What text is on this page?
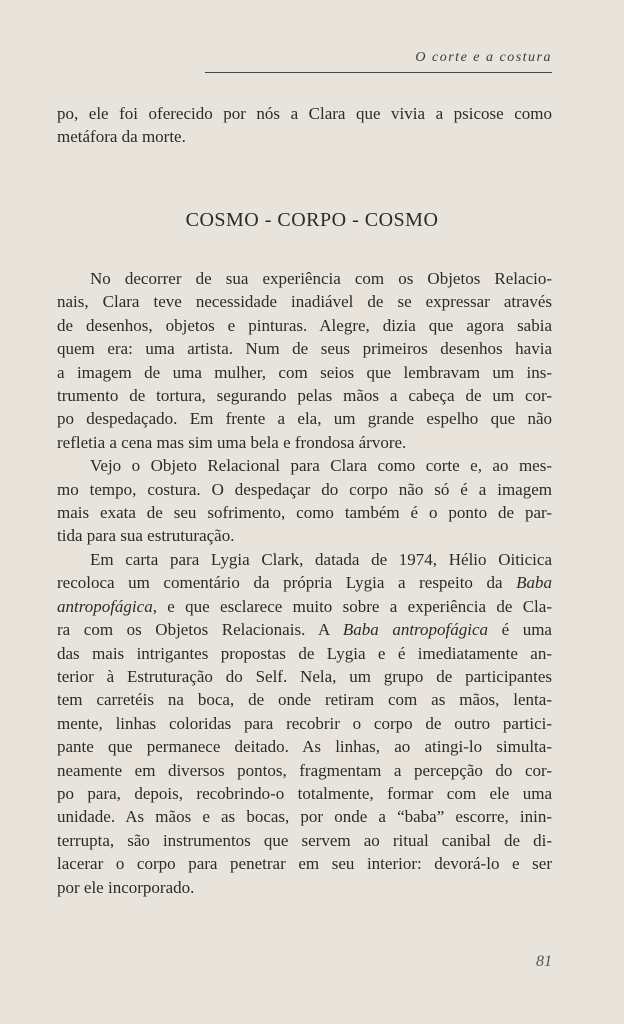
O corte e a costura
po, ele foi oferecido por nós a Clara que vivia a psicose como
metáfora da morte.
COSMO - CORPO - COSMO
No decorrer de sua experiência com os Objetos Relacio-
nais, Clara teve necessidade inadiável de se expressar através
de desenhos, objetos e pinturas. Alegre, dizia que agora sabia
quem era: uma artista. Num de seus primeiros desenhos havia
a imagem de uma mulher, com seios que lembravam um ins-
trumento de tortura, segurando pelas mãos a cabeça de um cor-
po despedaçado. Em frente a ela, um grande espelho que não
refletia a cena mas sim uma bela e frondosa árvore.
Vejo o Objeto Relacional para Clara como corte e, ao mes-
mo tempo, costura. O despedaçar do corpo não só é a imagem
mais exata de seu sofrimento, como também é o ponto de par-
tida para sua estruturação.
Em carta para Lygia Clark, datada de 1974, Hélio Oiticica
recoloca um comentário da própria Lygia a respeito da Baba
antropofágica, e que esclarece muito sobre a experiência de Cla-
ra com os Objetos Relacionais. A Baba antropofágica é uma
das mais intrigantes propostas de Lygia e é imediatamente an-
terior à Estruturação do Self. Nela, um grupo de participantes
tem carretéis na boca, de onde retiram com as mãos, lenta-
mente, linhas coloridas para recobrir o corpo de outro partici-
pante que permanece deitado. As linhas, ao atingi-lo simulta-
neamente em diversos pontos, fragmentam a percepção do cor-
po para, depois, recobrindo-o totalmente, formar com ele uma
unidade. As mãos e as bocas, por onde a “baba” escorre, inin-
terrupta, são instrumentos que servem ao ritual canibal de di-
lacerar o corpo para penetrar em seu interior: devorá-lo e ser
por ele incorporado.
81
